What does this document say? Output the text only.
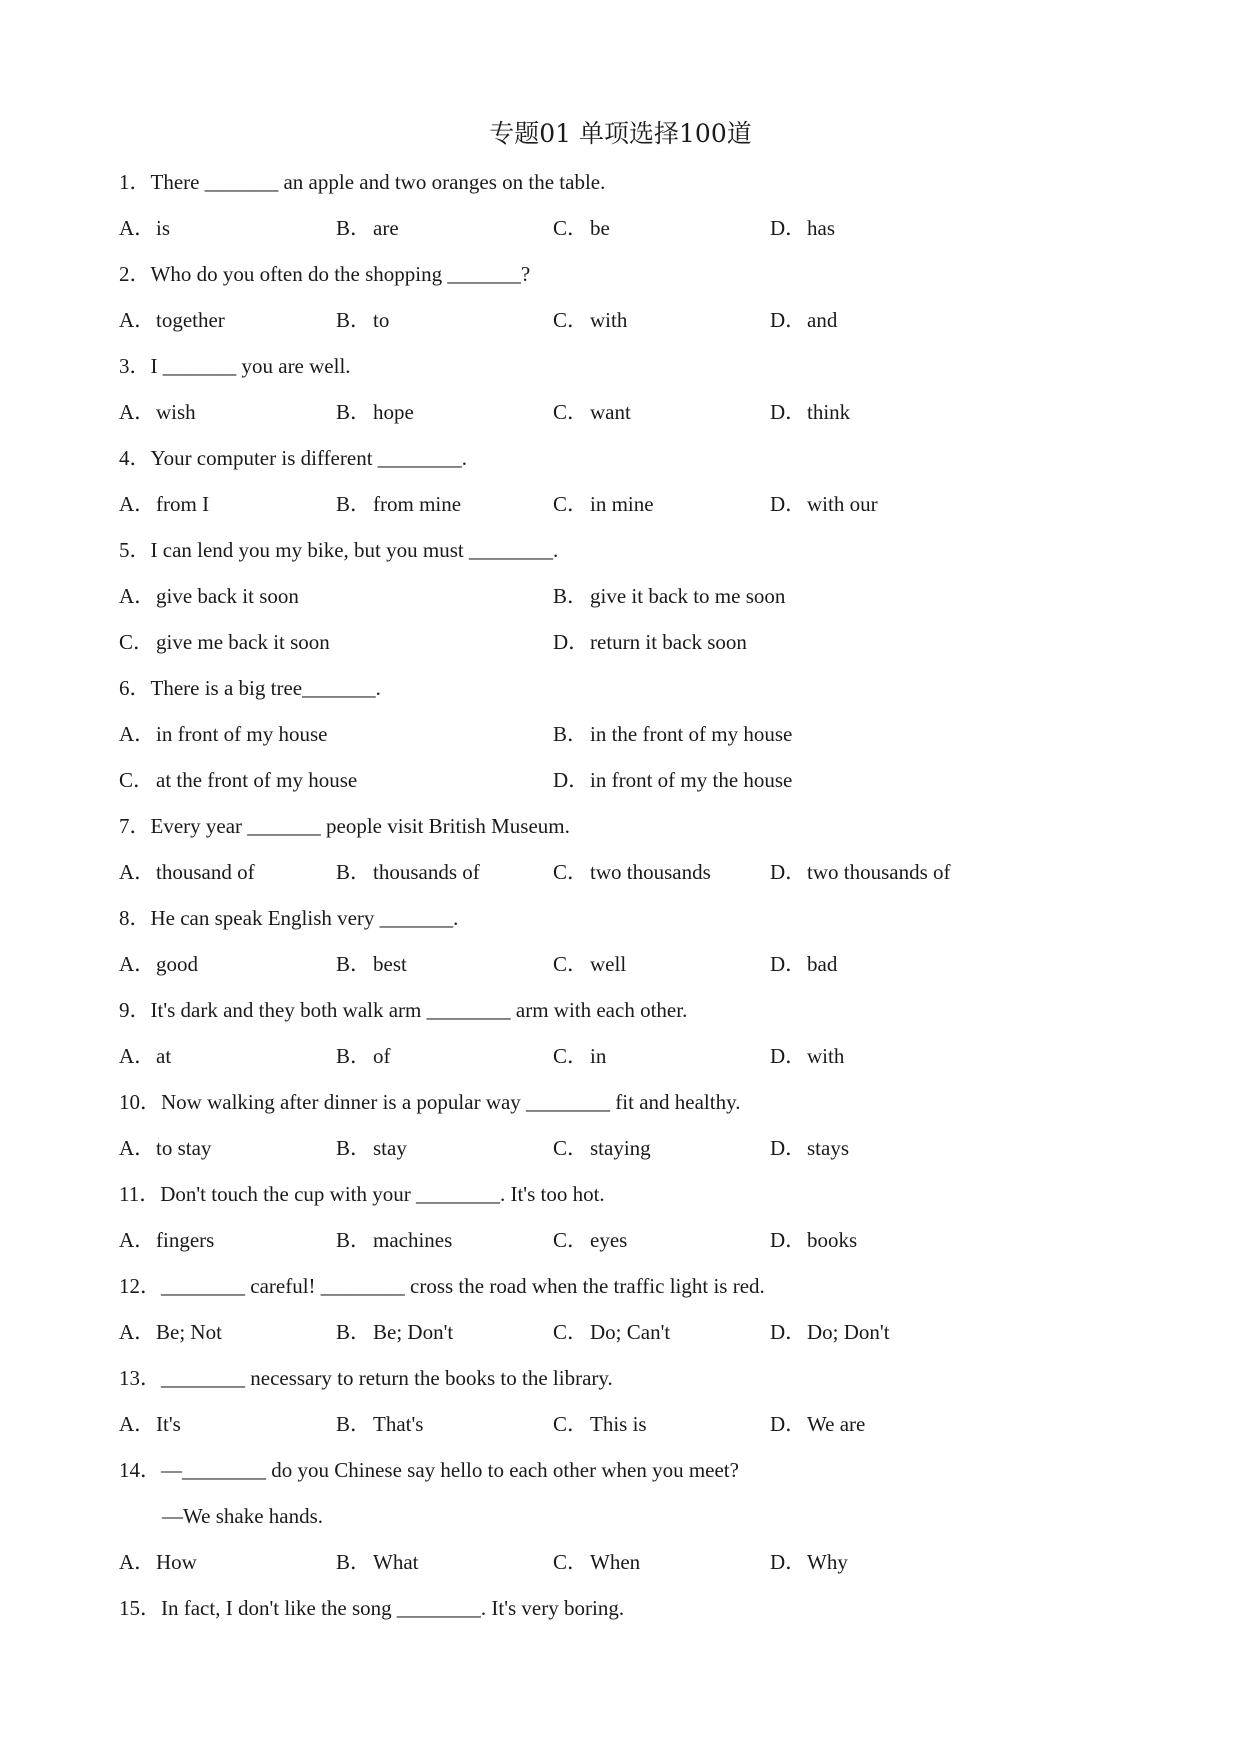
专题01 单项选择100道
1．There _______ an apple and two oranges on the table.
A．is	B．are	C．be	D．has
2．Who do you often do the shopping _______?
A．together	B．to	C．with	D．and
3．I _______ you are well.
A．wish	B．hope	C．want	D．think
4．Your computer is different ________.
A．from I	B．from mine	C．in mine	D．with our
5．I can lend you my bike, but you must ________.
A．give back it soon	B．give it back to me soon
C．give me back it soon	D．return it back soon
6．There is a big tree_______.
A．in front of my house	B．in the front of my house
C．at the front of my house	D．in front of my the house
7．Every year _______ people visit British Museum.
A．thousand of	B．thousands of	C．two thousands	D．two thousands of
8．He can speak English very _______.
A．good	B．best	C．well	D．bad
9．It's dark and they both walk arm ________ arm with each other.
A．at	B．of	C．in	D．with
10．Now walking after dinner is a popular way ________ fit and healthy.
A．to stay	B．stay	C．staying	D．stays
11．Don't touch the cup with your ________. It's too hot.
A．fingers	B．machines	C．eyes	D．books
12．________ careful! ________ cross the road when the traffic light is red.
A．Be; Not	B．Be; Don't	C．Do; Can't	D．Do; Don't
13．________ necessary to return the books to the library.
A．It's	B．That's	C．This is	D．We are
14．—________ do you Chinese say hello to each other when you meet?
—We shake hands.
A．How	B．What	C．When	D．Why
15．In fact, I don't like the song ________. It's very boring.
